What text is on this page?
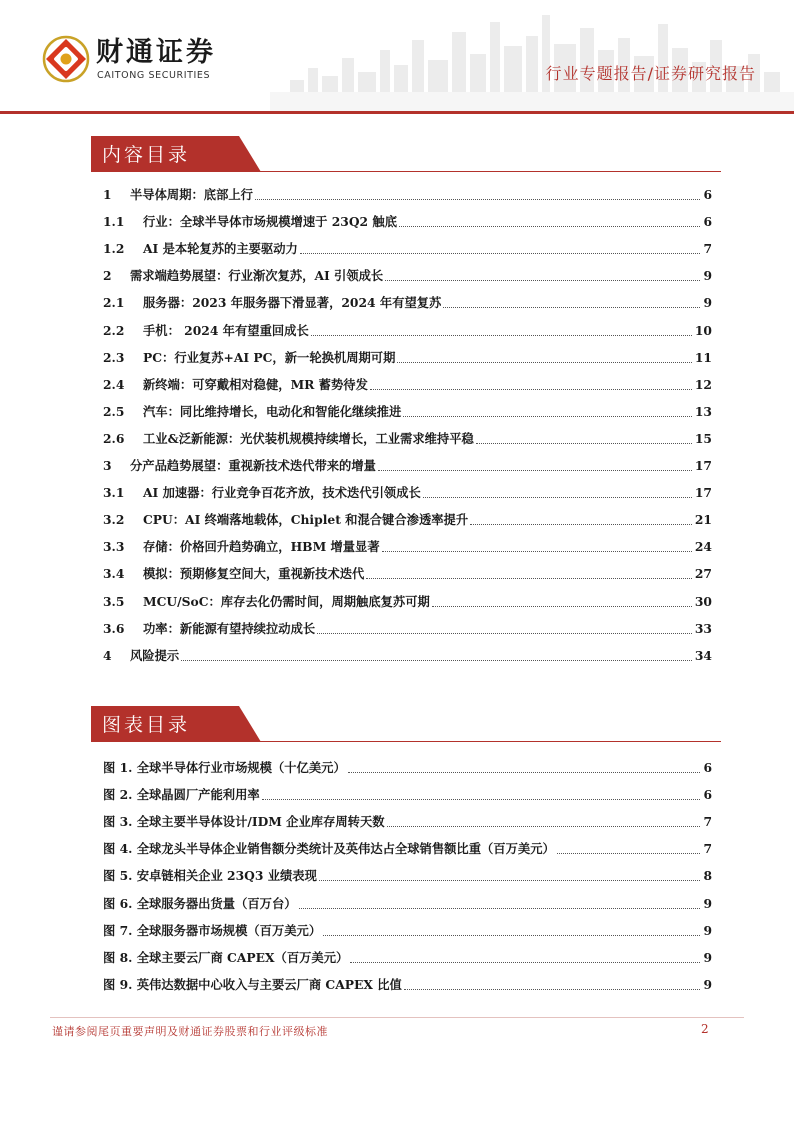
财通证券
CAITONG SECURITIES	行业专题报告/证券研究报告
内容目录
1	半导体周期：底部上行	6
1.1	行业：全球半导体市场规模增速于 23Q2 触底	6
1.2	AI 是本轮复苏的主要驱动力	7
2	需求端趋势展望：行业渐次复苏，AI 引领成长	9
2.1	服务器：2023 年服务器下滑显著，2024 年有望复苏	9
2.2	手机： 2024 年有望重回成长	10
2.3	PC：行业复苏+AI PC，新一轮换机周期可期	11
2.4	新终端：可穿戴相对稳健，MR 蓄势待发	12
2.5	汽车：同比维持增长，电动化和智能化继续推进	13
2.6	工业&泛新能源：光伏装机规模持续增长，工业需求维持平稳	15
3	分产品趋势展望：重视新技术迭代带来的增量	17
3.1	AI 加速器：行业竞争百花齐放，技术迭代引领成长	17
3.2	CPU：AI 终端落地载体，Chiplet 和混合键合渗透率提升	21
3.3	存储：价格回升趋势确立，HBM 增量显著	24
3.4	模拟：预期修复空间大，重视新技术迭代	27
3.5	MCU/SoC：库存去化仍需时间，周期触底复苏可期	30
3.6	功率：新能源有望持续拉动成长	33
4	风险提示	34
图表目录
图 1. 全球半导体行业市场规模（十亿美元）	6
图 2. 全球晶圆厂产能利用率	6
图 3. 全球主要半导体设计/IDM 企业库存周转天数	7
图 4. 全球龙头半导体企业销售额分类统计及英伟达占全球销售额比重（百万美元）	7
图 5. 安卓链相关企业 23Q3 业绩表现	8
图 6. 全球服务器出货量（百万台）	9
图 7. 全球服务器市场规模（百万美元）	9
图 8. 全球主要云厂商 CAPEX（百万美元）	9
图 9. 英伟达数据中心收入与主要云厂商 CAPEX 比值	9
谨请参阅尾页重要声明及财通证券股票和行业评级标准	2
